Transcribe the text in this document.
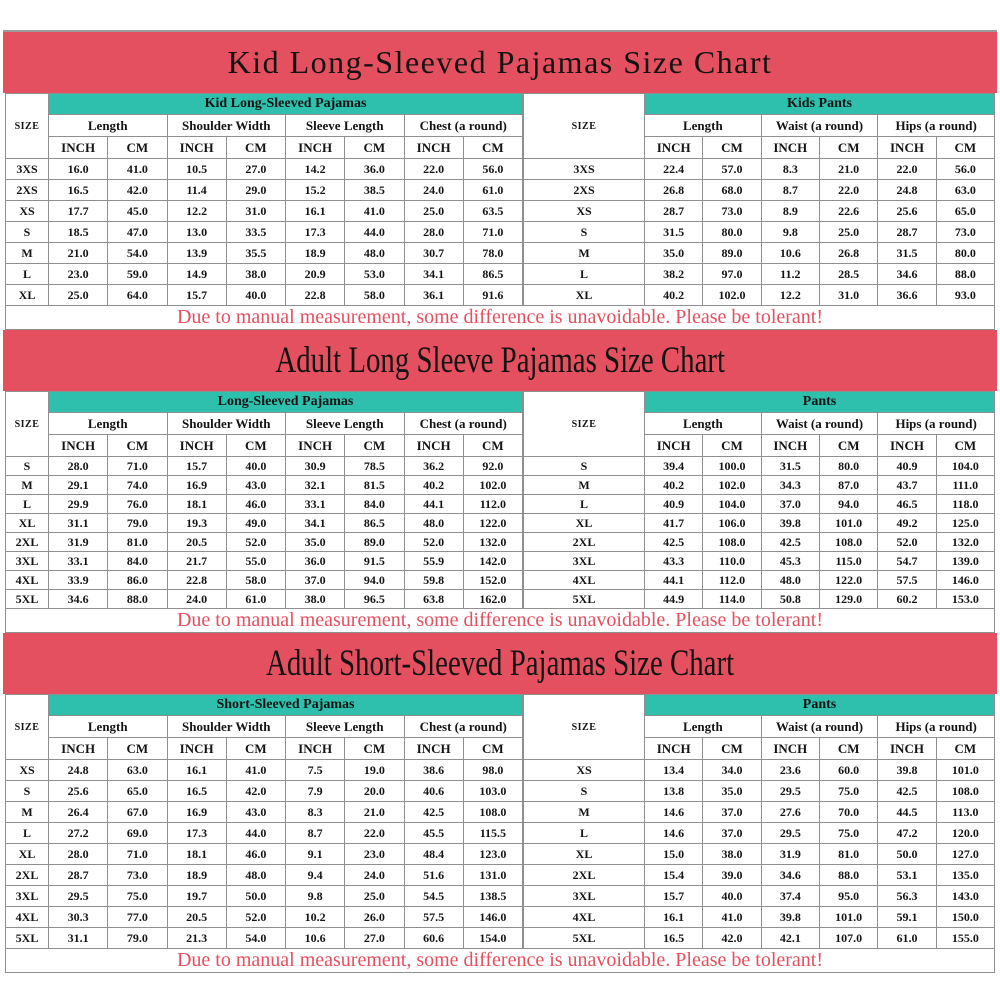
Kid Long-Sleeved Pajamas Size Chart
SIZE	Kid Long-Sleeved Pajamas							
	Length		Shoulder Width		Sleeve Length		Chest (a round)	
	INCH	CM	INCH	CM	INCH	CM	INCH	CM
3XS	16.0	41.0	10.5	27.0	14.2	36.0	22.0	56.0
2XS	16.5	42.0	11.4	29.0	15.2	38.5	24.0	61.0
XS	17.7	45.0	12.2	31.0	16.1	41.0	25.0	63.5
S	18.5	47.0	13.0	33.5	17.3	44.0	28.0	71.0
M	21.0	54.0	13.9	35.5	18.9	48.0	30.7	78.0
L	23.0	59.0	14.9	38.0	20.9	53.0	34.1	86.5
XL	25.0	64.0	15.7	40.0	22.8	58.0	36.1	91.6
SIZE	Kids Pants					
	Length		Waist (a round)		Hips (a round)	
	INCH	CM	INCH	CM	INCH	CM
3XS	22.4	57.0	8.3	21.0	22.0	56.0
2XS	26.8	68.0	8.7	22.0	24.8	63.0
XS	28.7	73.0	8.9	22.6	25.6	65.0
S	31.5	80.0	9.8	25.0	28.7	73.0
M	35.0	89.0	10.6	26.8	31.5	80.0
L	38.2	97.0	11.2	28.5	34.6	88.0
XL	40.2	102.0	12.2	31.0	36.6	93.0
Due to manual measurement, some difference is unavoidable. Please be tolerant!
Adult Long Sleeve Pajamas Size Chart
SIZE	Long-Sleeved Pajamas							
	Length		Shoulder Width		Sleeve Length		Chest (a round)	
	INCH	CM	INCH	CM	INCH	CM	INCH	CM
S	28.0	71.0	15.7	40.0	30.9	78.5	36.2	92.0
M	29.1	74.0	16.9	43.0	32.1	81.5	40.2	102.0
L	29.9	76.0	18.1	46.0	33.1	84.0	44.1	112.0
XL	31.1	79.0	19.3	49.0	34.1	86.5	48.0	122.0
2XL	31.9	81.0	20.5	52.0	35.0	89.0	52.0	132.0
3XL	33.1	84.0	21.7	55.0	36.0	91.5	55.9	142.0
4XL	33.9	86.0	22.8	58.0	37.0	94.0	59.8	152.0
5XL	34.6	88.0	24.0	61.0	38.0	96.5	63.8	162.0
SIZE	Pants					
	Length		Waist (a round)		Hips (a round)	
	INCH	CM	INCH	CM	INCH	CM
S	39.4	100.0	31.5	80.0	40.9	104.0
M	40.2	102.0	34.3	87.0	43.7	111.0
L	40.9	104.0	37.0	94.0	46.5	118.0
XL	41.7	106.0	39.8	101.0	49.2	125.0
2XL	42.5	108.0	42.5	108.0	52.0	132.0
3XL	43.3	110.0	45.3	115.0	54.7	139.0
4XL	44.1	112.0	48.0	122.0	57.5	146.0
5XL	44.9	114.0	50.8	129.0	60.2	153.0
Due to manual measurement, some difference is unavoidable. Please be tolerant!
Adult Short-Sleeved Pajamas Size Chart
SIZE	Short-Sleeved Pajamas							
	Length		Shoulder Width		Sleeve Length		Chest (a round)	
	INCH	CM	INCH	CM	INCH	CM	INCH	CM
XS	24.8	63.0	16.1	41.0	7.5	19.0	38.6	98.0
S	25.6	65.0	16.5	42.0	7.9	20.0	40.6	103.0
M	26.4	67.0	16.9	43.0	8.3	21.0	42.5	108.0
L	27.2	69.0	17.3	44.0	8.7	22.0	45.5	115.5
XL	28.0	71.0	18.1	46.0	9.1	23.0	48.4	123.0
2XL	28.7	73.0	18.9	48.0	9.4	24.0	51.6	131.0
3XL	29.5	75.0	19.7	50.0	9.8	25.0	54.5	138.5
4XL	30.3	77.0	20.5	52.0	10.2	26.0	57.5	146.0
5XL	31.1	79.0	21.3	54.0	10.6	27.0	60.6	154.0
SIZE	Pants					
	Length		Waist (a round)		Hips (a round)	
	INCH	CM	INCH	CM	INCH	CM
XS	13.4	34.0	23.6	60.0	39.8	101.0
S	13.8	35.0	29.5	75.0	42.5	108.0
M	14.6	37.0	27.6	70.0	44.5	113.0
L	14.6	37.0	29.5	75.0	47.2	120.0
XL	15.0	38.0	31.9	81.0	50.0	127.0
2XL	15.4	39.0	34.6	88.0	53.1	135.0
3XL	15.7	40.0	37.4	95.0	56.3	143.0
4XL	16.1	41.0	39.8	101.0	59.1	150.0
5XL	16.5	42.0	42.1	107.0	61.0	155.0
Due to manual measurement, some difference is unavoidable. Please be tolerant!
